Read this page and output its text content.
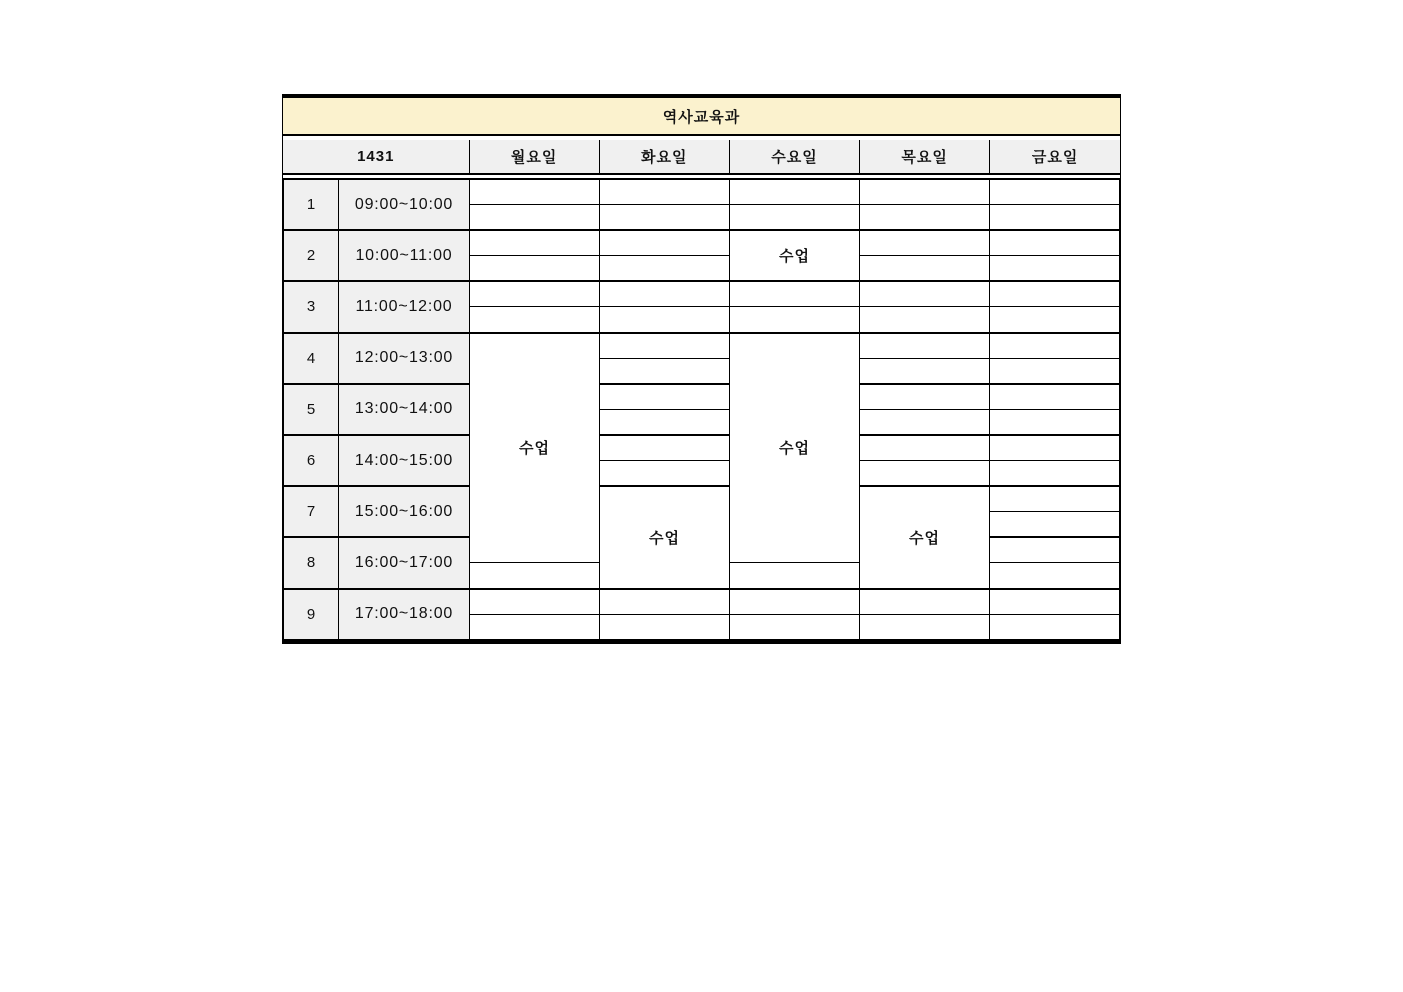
역사교육과
1431	월요일	화요일	수요일	목요일	금요일
1	09:00~10:00					

2	10:00~11:00			수업		

3	11:00~12:00					

4	12:00~13:00	수업		수업		

5	13:00~14:00					

6	14:00~15:00					

7	15:00~16:00		수업		수업	

8	16:00~17:00					

9	17:00~18:00					
